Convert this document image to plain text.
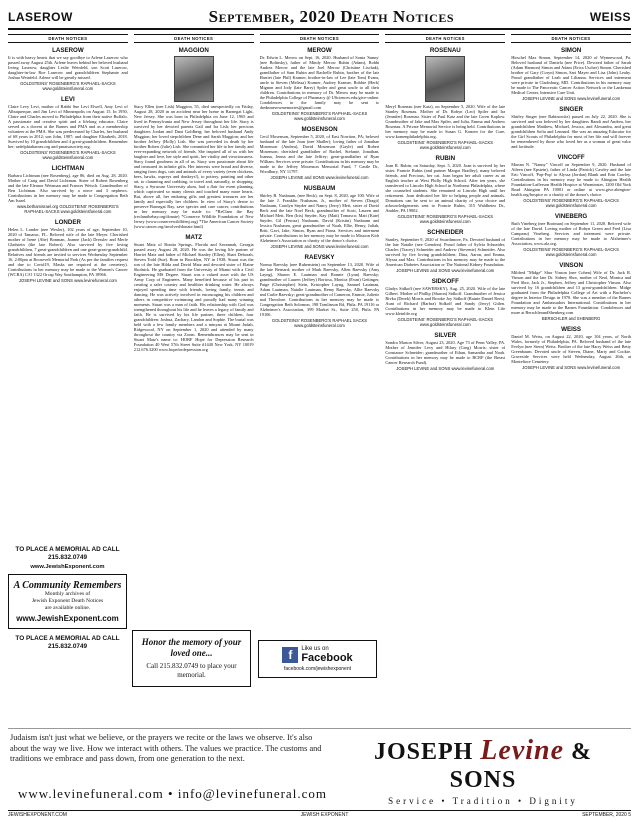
LASEROW	September, 2020 Death Notices	WEISS
DEATH NOTICES
LASEROW
It is with heavy hearts that we say goodbye to Arlene Laserow who passed away August 25th. Arlene leaves behind her beloved husband Irving Laserow, daughter Leslie Weinfeld, son Scott Laserow, daughter-in-law Roe Laserow and grandchildren Stephanie and Joshua Weinfeld. Arlene will be greatly missed.
GOLDSTEINS' ROSENBERG'S RAPHAEL-SACKS www.goldsteinsfuneral.com
LEVI
Claire Levy Levi, mother of Rabbi Sue Levi Elwell, Amy Levi of Albuquerque, and Jim Levi of Minneapolis on August 15. In 1950, Claire and Charles moved to Philadelphia from their native Buffalo. A passionate and creative spirit and a lifelong educator, Claire served as a docent at the Barnes and PMA and as a membership volunteer at the PMA. She was predeceased by Charles, her husband of 68 years in 2012; son John, 1987; and daughter Elizabeth, 2018. Survived by 10 grandchildren and 4 great-grandchildren. Remember her: radelphiabarnes.org and pmaisasociety.org.
GOLDSTEINS' ROSENBERG'S RAPHAEL-SACKS www.goldsteinsfuneral.com
LICHTMAN
Barbara Lichtman (nee Rosenberg), age 86, died on Aug. 28, 2020. Mother of Craig and David Lichtman. Sister of Robert Rosenberg and the late Eleanor Weisman and Frances Weisch. Grandmother of Ben Lichtman. Also survived by a niece and 3 nephews. Contributions in her memory may be made to Congregation Beth Am Israel.
www.bethamisrael.org GOLDSTEINS' ROSENBERG'S RAPHAEL-SACKS www.goldsteinsfuneral.com
LONDER
Helen L. Londer (nee Wexler), 102 years of age, September 10, 2020 of Tamarac, FL. Beloved wife of the late Meyer. Cherished mother of Irene (Abe) Bonman, Joanne (Jack) Dressler and Merle Gladstein (the late Robert). Also survived by five loving grandchildren, 7 great-grandchildren and one great-great-grandchild. Relatives and friends are invited to services Wednesday September 16, 2:00pm at Roosevelt Memorial Park (As per the families request and due to Covid19, Masks are required at the cemetery). Contributions in her memory may be made to the Women's Cancer (WCRA) C/O 1322 Orcap Way Southampton, PA 18966.
JOSEPH LEVINE and SONS www.levinefuneral.com
DEATH NOTICES
MAGGION
Stacy Ellen (nee Lish) Maggion, 55, died unexpectedly on Friday, August 28, 2020 in an accident near her home in Barnegat Light, New Jersey. She was born in Philadelphia on June 12, 1965 and lived in Pennsylvania and New Jersey throughout her life. Stacy is survived by her devoted parents Gail and Ira Lish; her precious daughters Jordan and Dani Goldberg; her beloved husband Andy Maggion; her loved stepchildren Dene and Sarah Maggion; and her brother Jeffrey (Holly) Lish. She was preceded in death by her brother Robert (Julie) Lish. She committed her life to her family and ever-expanding network of friends. She inspired all of us with her laughter and love, her style and spirit, her vitality and vivaciousness. Stacy found goodness in all of us. Stacy was passionate about life and treasured its infinite gifts. Her interests were broad and diverse, ranging from dogs, cats and animals of every variety (even chickens, bees, hawks, ospreys and donkeys!), to pottery, painting and other art, to clamming and crabbing, to travel and, naturally, to shopping. Stacy, a Syracuse University alum, had a flair for event planning, which captivated so many clients and touched many more hearts. But, above all, her enduring gifts and greatest treasures are her family and especially her children. In view of Stacy's desire to preserve Barnegat Bay, save species and cure cancer, contributions in her memory may be made to: *ReClam the Bay (reclamthebay.org/donate) *Conserve Wildlife Foundation of New Jersey (www.conservewildlifenj.org) *The American Cancer Society (www.cancer.org/involved/donate.html)
MATZ
Stuart Matz of Bonita Springs, Florida and Savannah, Georgia passed away August 28, 2020. He was the loving life partner of Harriet Matz and father of Michael Stanley (Ellen), Shari Deborah, Steven Todd (Sue). Born in Brooklyn, NY in 1938, Stuart was the son of the late Hilda and David Matz and devoted sister of Elaine Skolnick. He graduated from the University of Miami with a Civil Engineering MS Degree. Stuart was a valued asset with the US Army Corp of Engineers. Many benefited because of his part in creating a safer country and healthier drinking water. He always enjoyed spending time with friends, loving family, tennis and dancing. He was actively involved in encouraging his children and others in competitive swimming and proudly had many winning moments. Stuart was a man of faith. His relationship with God was strengthened throughout his life and he leaves a legacy of family and faith. He is survived by his life partner, three children, four grandchildren: Joshua, Zachary, Landon and Sophie. The burial was held with a few family members and a minyan at Mount Judah, Ridgewood, NY on September 1, 2020 and attended by many throughout the country via Zoom. Remembrances may be sent in Stuart Matz's name to: HORF Hope for Depression Research Foundation 40 West 57th Street Suite #1440 New York, NY 10019 212.676.3200 www.hopefordepression.org
DEATH NOTICES
MEROW
Dr. Edwin L. Merow on Sept. 16, 2020. Husband of Sonia 'Sunny' (nee Bolinsky), father of Mindy Merow Rubin (Adam), Robbi Andrea Merow and the late Joel Merow (Christine Lischak), grandfather of Sam Rubin and Rachelle Rubin, brother of the late Harriet (late Phil) Kramer, brother-in-law of Lee (late Tom) Evans, uncle to Steven (Melissa) Kramer, Audrey Kramer, Robbie (Herb) Mignon and Jody (late Barry) Spiler and great uncle to all their children. Contributions in memory of Dr. Merow may be made to the Philadelphia College of Pharmacy @ USciences.edu/give-online. Condolences to the family may be sent to drednmerowmemories@gmail.com
GOLDSTEINS' ROSENBERG'S RAPHAEL-SACKS www.goldsteinsfuneral.com
MOSENSON
Cecil Mosenson, September 5, 2020, of East Norriton, PA; beloved husband of the late Joan (nee Shaller); loving father of Jonathan Mosenson (Andrea), David Mosenson (Gayle) and Robert Mosenson; cherished grandfather of Rachel, Stefanie, Jonathan, Joanna, Jenna and the late Jeffrey; great-grandfather of Ryan William. Services were private. Contributions in his memory may be made to the Jeffrey Mosenson Memorial Fund, 7 Castle Dr., Woodbury, NY 11797.
JOSEPH LEVINE and SONS www.levinefuneral.com
NUSBAUM
Shirley B. Nusbaum, (nee Beck), on Sept. 8, 2020, age 100. Wife of the late J. Franklin Nusbaum, Jr., mother of Steven (Dragit) Nusbaum, Carolyn Snyder and Nancy (Jerry) Mett, sister of David Beck and the late Noel Beck, grandmother of Scott, Lauren and Michael Mett, Ben (Iris) Snyder, Kay (Matt) Tomasco; Matt (Kate) Snyder, Gil (Feroza) Nusbaum, David (Kristin) Nusbaum and Jessica Nusbaum, great grandmother of Noah, Ellie, Henry, Juliah, Britt, Gavi, Jake, Simon, Ryan and Fiona. Services and interment private. Contributions in her memory may be made to Mission Kids Alzheimer's Association or charity of the donor's choice.
JOSEPH LEVINE and SONS www.levinefuneral.com
RAEVSKY
Norma Raevsky (nee Rubenstein) on September 13, 2020. Wife of the late Bernard; mother of Mark Raevsky, Allen Raevsky (Amy Layng), Sharon E. Lautman and Ronnie (Lynn) Raevsky; grandmother of Lauren (Jeffrey) Bortosa, Monica (Evan) Gettinger, Paige (Christopher) Stein, Kristopher Layng, Samuel Lautman, Adam Lautman, Natalie Lautman, Remy Raevsky, Allie Raevsky and Carlie Raevsky; great-grandmother of Cameron, Emmie, Juliette and Theodore. Contributions in her memory may be made to Congregation Beth Solomon, 198 Tomlinson Rd, Phila. PA 19116 or Alzheimer's Association, 399 Market St., Suite 250, Phila. PA 19106.
GOLDSTEINS' ROSENBERG'S RAPHAEL SACKS www.goldsteinsfuneral.com
DEATH NOTICES
ROSENAU
Meryl Rosenau (nee Katz), on September 5, 2020. Wife of the late Stanley Rosenau. Mother of Dr. Robyn (Leo) Spiler and Ira (Jennifer) Rosenau. Sister of Paul Katz and the late Gwen Kaplow. Grandmother of Jake and Max Spiler, and Julia, Emma and Andrew Rosenau. A Private Memorial Service is being held. Contributions in her memory may be made to Susan G. Komen for the Cure, www.komenphiladelphia.org.
GOLDSTEINS' ROSENBERG'S RAPHAEL-SACKS www.goldsteinsfuneral.com
RUBIN
Joan R. Rubin, on Saturday, Sept. 5, 2020. Joan is survived by her sister, Francie Rubin (and partner Margot Bradley), many beloved friends, and Precious, her cat. Joan began her adult career as an English teacher at West Philly High School. After ten years, she transferred to Lincoln High School in Northeast Philadelphia, where she counseled students. She remained at Lincoln High until her retirement. Joan dedicated her life to helping people and animals. Donations can be sent to an animal charity of your choice and acknowledgements sent to Francie Rubin, 315 Waldheim Dr., Ambler, PA 19002.
GOLDSTEINS' ROSENBERG'S RAPHAEL-SACKS www.goldsteinsfuneral.com
SCHNEIDER
Stanley, September 9, 2020 of Swarthmore, Pa. Devoted husband of the late Natalie (nee Grendon). Proud father of Sylvia Schneider, Charles (Tracey) Schneider and Andrew (Stevenie) Schneider. Also survived by five loving grandchildren; Dina, Aaron, and Emma, Alyssa and Max. Contributions in his memory may be made to the American Diabetes Association or The National Kidney Foundation.
JOSEPH LEVINE and SONS www.levinefuneral.com
SIDKOFF
Gladys Sidkoff (nee SAWERSKY), Aug. 25, 2020. Wife of the late Gilbert. Mother of Phillip (Sharon) Sidkoff. Grandmother of Jessica Rivka (Derek) Morris and Brooke Joy Sidkoff (Rainie Daniel Rees). Aunt of Richard (Barbra) Sidkoff and Sandy (Jerry) Gitlen. Contributions in her memory may be made to Klein Life www.kleinlife.org
GOLDSTEINS' ROSENBERG'S RAPHAEL-SACKS www.goldsteinsfuneral.com
SILVER
Sondra Marion Silver, August 23, 2020. Age 73 of Penn Valley, PA. Mother of Jennifer Levy and Hilary (Greg) Morris; sister of Constance Schneider; grandmother of Ethan, Samantha and Noah. Contributions in her memory may be made to BCRF (the Breast Cancer Research Fund).
JOSEPH LEVINE and SONS www.levinefuneral.com
DEATH NOTICES
SIMON
Hirschel Max Simon, September 14, 2020 of Wynnewood, Pa. Beloved husband of Daniela (nee Price). Devoted father of Sarah (Adam Harmon) Simon and Adam (Erica Uscher) Simon. Cherished brother of Gary (Coryn) Simon, Sari Mayer and Lisa (John) Leahy. Proud grandfather of Leah and Lilianna. Services and interment were private in Clarksburg, MD. Contributions in his memory may be made to The Pancreatic Cancer Action Network or the Lankenau Medical Center, Intensive Care Unit.
JOSEPH LEVINE and SONS www.levinefuneral.com
SINGER
Shirley Singer (nee Rabinowitz) passed on July 22, 2020. She is survived and was beloved by her daughters Randi and Andrea, her grandchildren Matthew, Michael, Jessica, and Alexandra, and great grandchildren Sofia and Lennard. She was an amazing Educator for the Girl Scouts of Philadelphia for most of her life and will forever be remembered by those who loved her as a woman of great valor and fortitude.
VINCOFF
Marian N. "Nanny" Vincoff on September 9, 2020. Husband of Aileen (nee Epstein), father of Linda (Patrick) Cawley and the late Eric Vincoff, 'Pop-Pop' to Alyssa (Jordan) Blank and Erin Cawley. Contributions in his memory may be made to Abington Health Foundation-Lafferson Health Hospice at Warminster, 1200 Old York Road Abington PA 19001 or online at www.give.abington-health.org/hospice or a charity of the donor's choice.
GOLDSTEINS' ROSENBERG'S RAPHAEL-SACKS www.goldsteinsfuneral.com
VINEBERG
Ruth Vineberg (nee Brotman) on September 11, 2020. Beloved wife of the late David. Loving mother of Robyn Green and Fred (Lisa Campeau) Vineberg. Services and interment were private. Contributions in her memory may be made to Alzheimer's Association, www.alz.org.
GOLDSTEINS' ROSENBERG'S RAPHAEL-SACKS www.goldsteinsfuneral.com
VINSON
Mildred "Midge" Shor Vinson (nee Cohen) Wife of Dr. Jack R. Vinson and the late Dr. Sidney Shor, mother of Neal, Monica and Fred Shor, Jack Jr., Stephen, Jeffrey and Christopher Vinson. Also survived by 16 grandchildren and 13 great-grandchildren. Midge graduated from the Philadelphia College of Art with a Bachelor's degree in Interior Design in 1970. She was a member of the Barnes Foundation and Ambassadors International. Contributions in her memory may be made to the Barnes Foundation. Condolences and more at BerschlerandShenberg.com
BERSCHLER and SHENBERG
WEISS
Daniel M. Weiss, on August 22, 2020, age 104 years, of North Wales, formerly of Philadelphia, PA. Beloved husband of the late Evelyn (nee Stern) Weiss. Brother of the late Harry Weiss and Betty Greenbaum. Devoted uncle of Steven, Diane, Marty and Cookie. Graveside Services were held Wednesday, August 26th, at Montefiore Cemetery.
JOSEPH LEVINE and SONS www.levinefuneral.com
TO PLACE A MEMORIAL AD CALL 215.832.0749
www.JewishExponent.com
A Community Remembers
Monthly archives of
Jewish Exponent Death Notices
are available online.
www.JewishExponent.com
TO PLACE A MEMORIAL AD CALL 215.832.0749	Honor the memory of your loved one...
Call 215.832.0749 to place your memorial.
f	Like us on
Facebook
facebook.com/jewishexponent
Judaism isn't just what we believe, or the prayers we recite or the laws we observe. It's also about the way we live. How we interact with others. The values we practice. The customs and traditions we embrace and pass down, from one generation to the next.
www.levinefuneral.com • info@levinefuneral.com
JOSEPH Levine & SONS
Service • Tradition • Dignity
JEWISHEXPONENT.COM	JEWISH EXPONENT	SEPTEMBER, 2020 5
